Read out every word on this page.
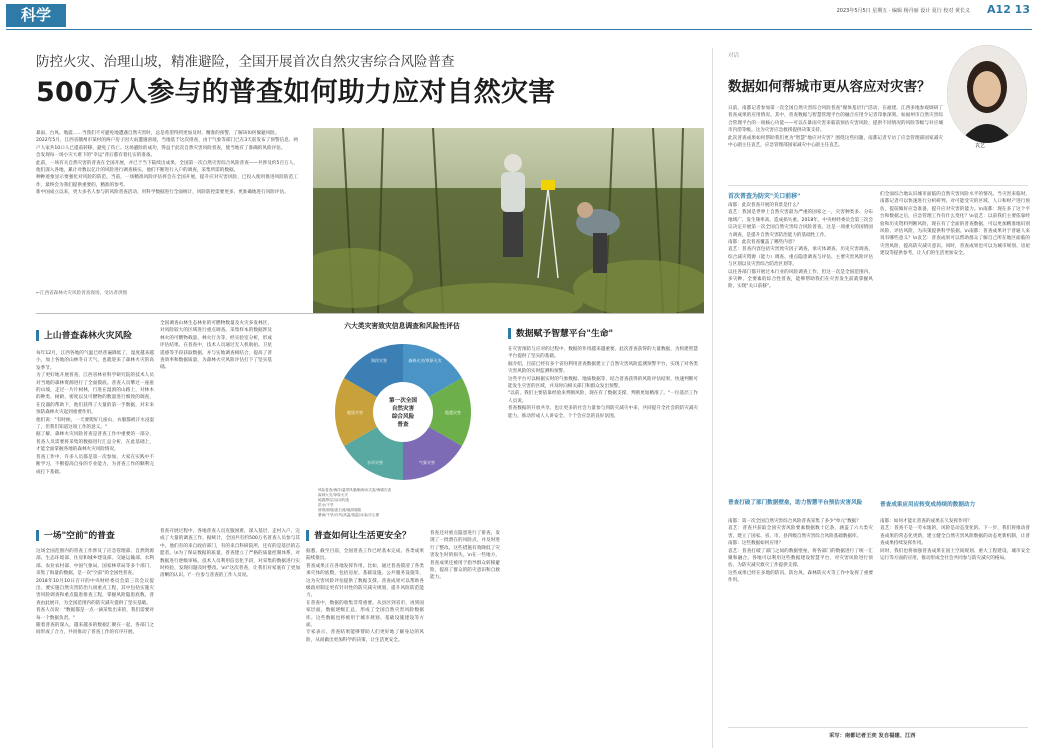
科学	2023年5月5日 星期五 · 编辑 杨丹丽 设计 夏行 校对 黄长义 A12 13
防控火灾、治理山坡，精准避险，全国开展首次自然灾害综合风险普查
500万人参与的普查如何助力应对自然灾害
暴雨、台风、地震……当我们不可避免地遭遇自然灾害时，总是希望得到更加及时、精准的预警，了解该如何躲避风险。
2022年5月，江西省赣州市某村的两户房子因大雨遭遇滑坡，当地基于这次排查，由于气象等部门已在3天前发布了预警信息，两户人家共10口人已提前转移，避免了伤亡。这场避险的成功，得益于此次自然灾害风险普查，使当地有了准确的风险评估。
会发现每一场小灾大难下的"幸运"背后都有着扎实的准备。
此前，一场有关自然灾害的普查在全国开展，并已于当下陆续出成果。全国第一次自然灾害综合风险普查——共涉及约5百万人，他们深入各地，累计对数以亿计的风险进行调查核实。他们不断进行入户的调查，采集所需的数据。
种种迹象显示要强化对风险的防范。当前，一场精准风险评估将会在全国开展，提升应对灾害风险，已投入使用推进风险防范工作，最终会为我们提供重要的，精准的参考。
新中国成立以来，更大多名人参与的风险普查活动，用科学数据进行全面统计，风险防控需要更多、更准确地进行风险评估。
←江西省森林火灾风险普查现场，受访者供图
上山普查森林火灾风险
每年12月，江西各地的气温已经普遍降低了，湿度越来越小，加上各地的山林冬日天气，也就迎来了森林火灾的高发季节。
为了更好地开展普查，江西省林业科学研究院的技术人员对当地的森林资源进行了全面摸底。普查人员攀过一座座的山坡，走过一片片树林，行进在湿滑的山路上，对林木的种类、树龄、密度以及可燃物的数量进行细致的调查，在仪器的帮助下，他们获得了大量的第一手数据，对未来预防森林火灾起到重要作用。
他们说："有时候，一天要爬好几座山，衣服都被汗水浸湿了，但我们知道这项工作的意义。"
据了解，森林火灾风险普查是普查工作中重要的一部分，普查人员需要将采集的数据进行汇总分析，在此基础上，才能全面掌握各地的森林火灾风险情况。
普查工作中，许多人员都是第一次参加，大家在实践中不断学习，不断提高自身的专业能力，为普查工作的顺利完成打下基础。
全国调查山林生态林业的可燃物数量及火灾多发林区，对风险较大的区域进行重点调查。采集样本的数据涉及林火的可燃物载量、林火行为等，经实验室分析，形成评估结果。在普查中，技术人员通过无人机航拍、卫星遥感等手段获取数据，并与实地调查相结合，提高了普查效率和数据质量，为森林火灾风险评估打下了坚实基础。
六大类灾害致灾信息调查和风险性评估
第一次全国
自然灾害
综合风险
普查
森林火灾/草原火灾
地震灾害
气象灾害
水旱灾害
地质灾害
海洋灾害
风险普查/海洋/温带风暴潮/海冰灾害/海啸灾害
森林火灾/草原火灾
地震/断层/活动构造
洪水/干旱
滑坡/崩塌/泥石流/地面塌陷
暴雨/干旱/台风/高温/低温/冰冻/沙尘暴
一场"空前"的普查
这场全国范围内的普查工作涉及了应急管理部、自然资源部、生态环境部、住房和城乡建设部、交通运输部、水利部、农业农村部、中国气象局、国家林草局等多个部门，采集了海量的数据，是一次"空前"的全国性普查。
2018年10月10日召开的中央财经委员会第三次会议提出，要实施自然灾害防治九项重点工程，其中包括实施灾害风险调查和重点隐患排查工程，掌握风险隐患底数。普查由此展开，为全国范围内的防灾减灾提供了坚实基础。
普查人员说："数据都是一点一滴采集出来的，我们需要对每一个数据负责。"
随着普查的深入，越来越多的数据汇聚在一起，各部门之间形成了合力，共同推动了普查工作的有序开展。
普查开展过程中，各地普查人员克服困难，深入基层，走村入户，完成了大量的调查工作。据统计，全国共有约500万名普查人员参与其中。他们有的来自政府部门，有的来自科研院所，还有的是基层的志愿者。\n为了保证数据的质量，普查建立了严格的质量控制体系，对数据进行逐级审核。技术人员利用信息化手段，对采集的数据进行实时校验，发现问题及时整改。\n\"这次普查，让我们对家底有了更加清晰的认识。\"一位参与普查的工作人员说。
普查如何让生活更安全？
据悉，截至目前，全国普查工作已经基本完成，各类成果陆续推出。
普查成果正在各地发挥作用。比如，通过普查摸清了各类承灾体的底数，包括房屋、基础设施、公共服务设施等，这为灾害风险评估提供了数据支撑。普查成果可以帮助各级政府制定更有针对性的防灾减灾规划，提升风险防范能力。
在普查中，数据的收集非常重要。从县区到省市，再到国家层面，数据逐级汇总，形成了全国自然灾害风险数据库。这些数据也将被用于城市规划、基础设施建设等方面。
专家表示，普查结果能够帮助人们更好地了解身边的风险，从而做出更加科学的决策，让生活更安全。
普查还对重点隐患进行了排查，发现了一批潜在的风险点，并及时进行了整改。这些措施有效降低了灾害发生时的损失。\n在一些地方，普查成果还被用于指导群众转移避险，提高了群众的防灾意识和自救能力。
数据赋予智慧平台"生命"
在灾害预防与应对的过程中，数据的作用越来越重要。此次普查获得的大量数据，为构建智慧平台提供了坚实的基础。
据介绍，目前已经有多个省份利用普查数据建立了自然灾害风险监测预警平台，实现了对各类灾害风险的实时监测和预警。
这些平台可以根据实时的气象数据、地质数据等，结合普查获得的风险评估结果，快速判断可能发生灾害的区域，并及时向相关部门和群众发出预警。
"以前，我们主要依靠经验来判断风险，现在有了数据支撑，判断更加精准了。"一位基层工作人员说。
普查数据的开放共享，也让更多的社会力量参与到防灾减灾中来，共同提升全社会的防灾减灾能力，推动形成人人讲安全、个个会应急的良好氛围。
对话
数据如何帮城市更从容应对灾害？
袁艺
日前，南都记者参加第一次全国自然灾害综合风险普查"媒体基层行"活动，在福建、江西多地参观调研了普查成果的应用情况。其中，普查数据与智慧管理平台的融合应用令记者印象深刻。如福州市自然灾害综合管理平台的一项核心功能——可以在暴雨灾害来临前预估灾害风险，提供不同情况的风险等级与对应城市内涝等级。这为灾害应急救援提供决策支持。
此次普查成果如何帮助我们更为"智慧"地应对灾害？围绕这些问题，南都记者专访了应急管理部国家减灾中心副主任袁艺，应急管理部国家减灾中心副主任袁艺。
首次普查为防灾"关口前移"
南都：此次普查开展的背景是什么？
袁艺：我国是世界上自然灾害最为严重的国家之一，灾害种类多、分布地域广、发生频率高、造成损失重。2018年，中央财经委员会第三次会议决定开展第一次全国自然灾害综合风险普查。这是一项重大的国情国力调查，是提升自然灾害防治能力的基础性工作。
南都：此次普查覆盖了哪些内容？
袁艺：普查内容包括灾害致灾因子调查、承灾体调查、历史灾害调查、综合减灾资源（能力）调查、重点隐患调查与评估、主要灾害风险评估与区划以及灾害综合防治区划等。
以往各部门都开展过本行业的风险调查工作，但这一次是全国范围内、多灾种、全要素的综合性普查，能够帮助我们在灾害发生前就掌握风险，实现"关口前移"。
普查打破了部门数据壁垒，助力智慧平台预估灾害风险
南都：第一次全国自然灾害综合风险普查采集了多少"单元"数据？
袁艺：普查共获取全国灾害风险要素数据数十亿条，涵盖了六大类灾害，建立了国家、省、市、县四级自然灾害综合风险基础数据库。
南都：这些数据如何应用？
袁艺：普查打破了部门之间的数据壁垒，将各部门的数据进行了统一汇聚和融合。各地可以利用这些数据建设智慧平台，对灾害风险进行预估，为防灾减灾救灾工作提供支撑。
这些成果已经在多地的防汛、防台风、森林防灭火等工作中发挥了重要作用。
们全面综合地认识城市面临的自然灾害风险水平的情况。当灾害来临时，南都记者可以快速进行分析研判，对可能受灾的区域、人口和财产进行预估，提前做好应急准备，提升应对灾害的能力。\n南都：现在多了这个平台和数据之后，应急管理工作有什么变化？\n袁艺：以前我们主要依靠经验和历史资料判断风险，现在有了全面的普查数据，可以更加精准地识别风险、评估风险，为决策提供科学依据。\n南都：普查成果对于普通人来说有哪些意义？\n袁艺：普查成果可以帮助群众了解自己所在地区面临的灾害风险，提高防灾减灾意识。同时，普查成果也可以为城市规划、房屋建设等提供参考，让人们的生活更加安全。
普查成果应用应转变成持续的数据动力
南都：如何才能让普查的成果长久发挥作用？
袁艺：普查不是一劳永逸的，风险是动态变化的。下一步，我们将推动普查成果的常态化更新，建立健全自然灾害风险数据的动态更新机制，让普查成果持续发挥作用。
同时，我们也将加强普查成果在国土空间规划、重大工程建设、城市安全运行等方面的应用，推动形成全社会共同参与防灾减灾的格局。
采写：南都记者王奕 发自福建、江西
